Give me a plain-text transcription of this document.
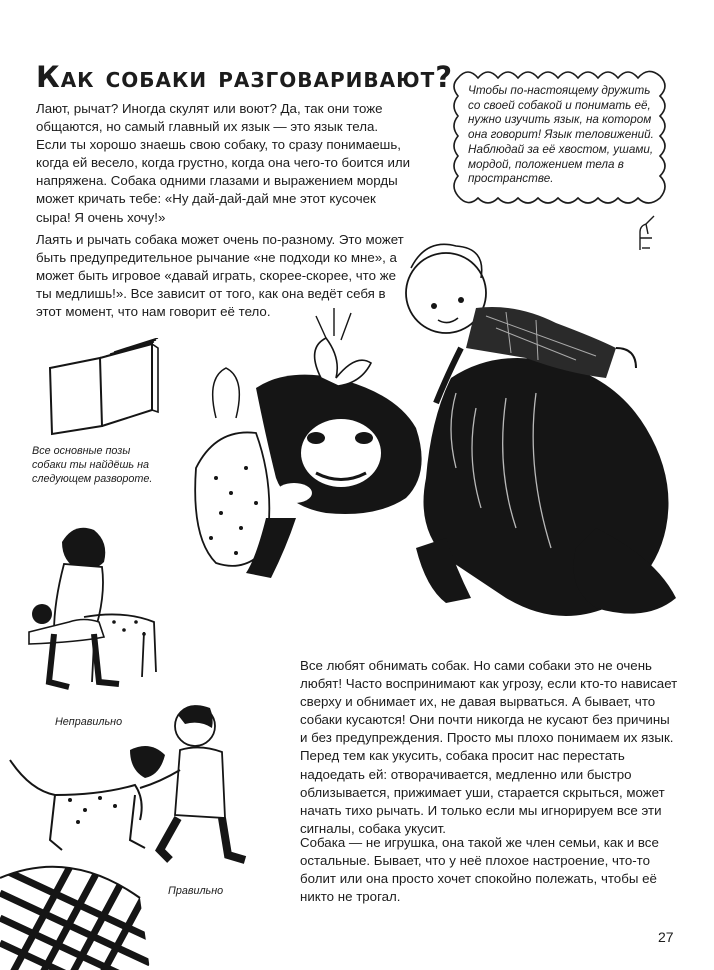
Как собаки разговаривают?

Лают, рычат? Иногда скулят или воют? Да, так они тоже общаются, но самый главный их язык — это язык тела. Если ты хорошо знаешь свою собаку, то сразу понимаешь, когда ей весело, когда грустно, когда она чего-то боится или напряжена. Собака одними глазами и выражением морды может кричать тебе: «Ну дай-дай-дай мне этот кусочек сыра! Я очень хочу!»

Лаять и рычать собака может очень по-разному. Это может быть предупредительное рычание «не подходи ко мне», а может быть игровое «давай играть, скорее-скорее, что же ты медлишь!». Все зависит от того, как она ведёт себя в этот момент, что нам говорит её тело.

Чтобы по-настоящему дружить со своей собакой и понимать её, нужно изучить язык, на котором она говорит! Язык теловижений. Наблюдай за её хвостом, ушами, мордой, положением тела в пространстве.

Все основные позы собаки ты найдёшь на следующем развороте.

Неправильно

Правильно

Все любят обнимать собак. Но сами собаки это не очень любят! Часто воспринимают как угрозу, если кто-то нависает сверху и обнимает их, не давая вырваться. А бывает, что собаки кусаются! Они почти никогда не кусают без причины и без предупреждения. Просто мы плохо понимаем их язык. Перед тем как укусить, собака просит нас перестать надоедать ей: отворачивается, медленно или быстро облизывается, прижимает уши, старается скрыться, может начать тихо рычать. И только если мы игнорируем все эти сигналы, собака укусит.

Собака — не игрушка, она такой же член семьи, как и все остальные. Бывает, что у неё плохое настроение, что-то болит или она просто хочет спокойно полежать, чтобы её никто не трогал.

27
